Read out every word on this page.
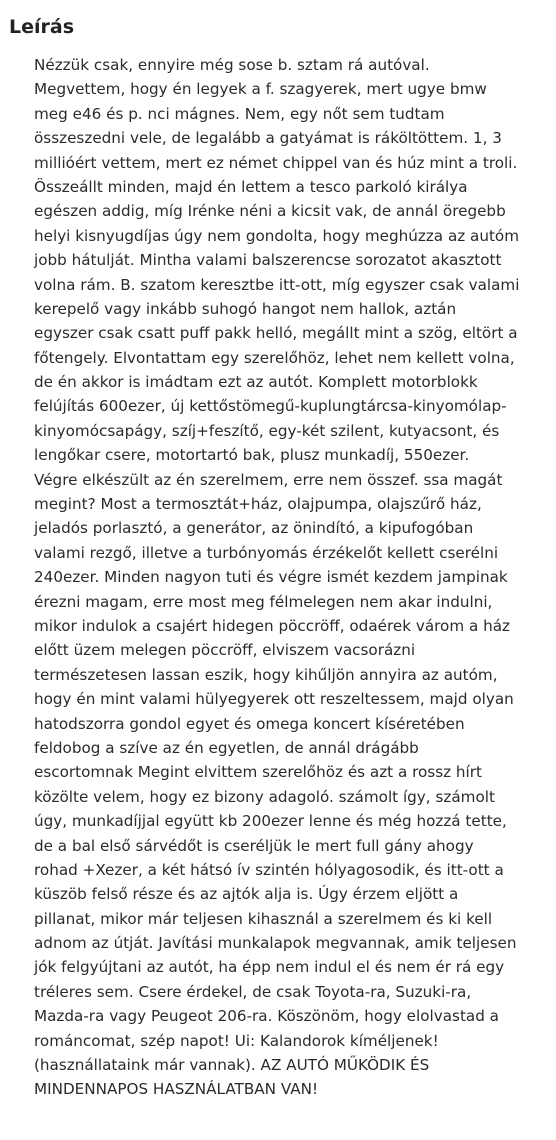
Leírás
Nézzük csak, ennyire még sose b. sztam rá autóval.
Megvettem, hogy én legyek a f. szagyerek, mert ugye bmw
meg e46 és p. nci mágnes. Nem, egy nőt sem tudtam
összeszedni vele, de legalább a gatyámat is ráköltöttem. 1, 3
millióért vettem, mert ez német chippel van és húz mint a troli.
Összeállt minden, majd én lettem a tesco parkoló királya
egészen addig, míg Irénke néni a kicsit vak, de annál öregebb
helyi kisnyugdíjas úgy nem gondolta, hogy meghúzza az autóm
jobb hátulját. Mintha valami balszerencse sorozatot akasztott
volna rám. B. szatom keresztbe itt-ott, míg egyszer csak valami
kerepelő vagy inkább suhogó hangot nem hallok, aztán
egyszer csak csatt puff pakk helló, megállt mint a szög, eltört a
főtengely. Elvontattam egy szerelőhöz, lehet nem kellett volna,
de én akkor is imádtam ezt az autót. Komplett motorblokk
felújítás 600ezer, új kettőstömegű-kuplungtárcsa-kinyomólap-
kinyomócsapágy, szíj+feszítő, egy-két szilent, kutyacsont, és
lengőkar csere, motortartó bak, plusz munkadíj, 550ezer.
Végre elkészült az én szerelmem, erre nem összef. ssa magát
megint? Most a termosztát+ház, olajpumpa, olajszűrő ház,
jeladós porlasztó, a generátor, az önindító, a kipufogóban
valami rezgő, illetve a turbónyomás érzékelőt kellett cserélni
240ezer. Minden nagyon tuti és végre ismét kezdem jampinak
érezni magam, erre most meg félmelegen nem akar indulni,
mikor indulok a csajért hidegen pöccröff, odaérek várom a ház
előtt üzem melegen pöccröff, elviszem vacsorázni
természetesen lassan eszik, hogy kihűljön annyira az autóm,
hogy én mint valami hülyegyerek ott reszeltessem, majd olyan
hatodszorra gondol egyet és omega koncert kíséretében
feldobog a szíve az én egyetlen, de annál drágább
escortomnak Megint elvittem szerelőhöz és azt a rossz hírt
közölte velem, hogy ez bizony adagoló. számolt így, számolt
úgy, munkadíjjal együtt kb 200ezer lenne és még hozzá tette,
de a bal első sárvédőt is cseréljük le mert full gány ahogy
rohad +Xezer, a két hátsó ív szintén hólyagosodik, és itt-ott a
küszöb felső része és az ajtók alja is. Úgy érzem eljött a
pillanat, mikor már teljesen kihasznál a szerelmem és ki kell
adnom az útját. Javítási munkalapok megvannak, amik teljesen
jók felgyújtani az autót, ha épp nem indul el és nem ér rá egy
tréleres sem. Csere érdekel, de csak Toyota-ra, Suzuki-ra,
Mazda-ra vagy Peugeot 206-ra. Köszönöm, hogy elolvastad a
románcomat, szép napot! Ui: Kalandorok kíméljenek!
(használlataink már vannak). AZ AUTÓ MŰKÖDIK ÉS
MINDENNAPOS HASZNÁLATBAN VAN!
